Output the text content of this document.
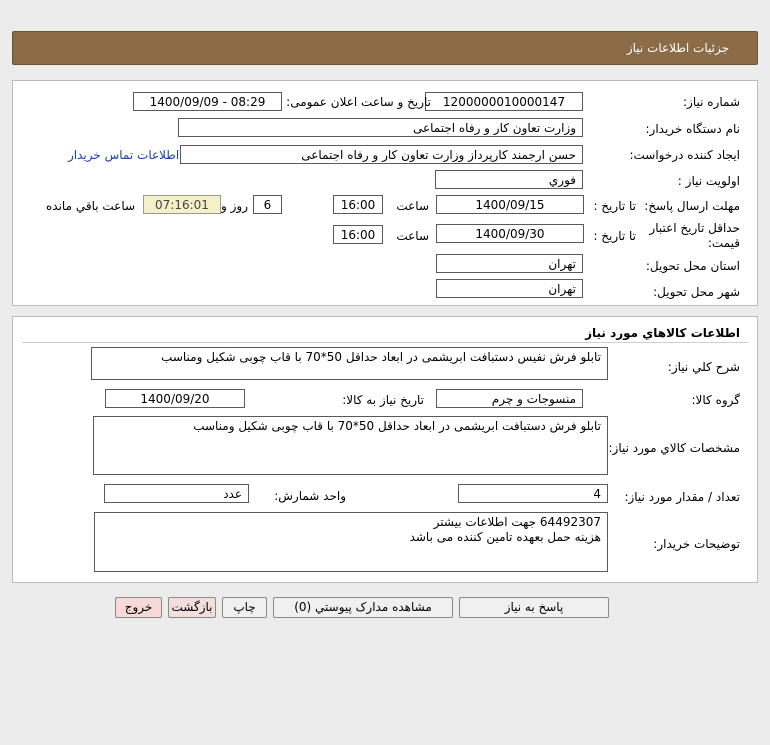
جزئیات اطلاعات نیاز
شماره نیاز:
1200000010000147
تاریخ و ساعت اعلان عمومی:
1400/09/09 - 08:29
نام دستگاه خریدار:
وزارت تعاون کار و رفاه اجتماعی
ایجاد کننده درخواست:
حسن ارجمند کارپرداز وزارت تعاون کار و رفاه اجتماعی
اطلاعات تماس خریدار
اولویت نیاز :
فوري
مهلت ارسال پاسخ:
تا تاریخ :
1400/09/15
ساعت
16:00
6
روز و
07:16:01
ساعت باقي مانده
حداقل تاریخ اعتبار
قیمت:
تا تاریخ :
1400/09/30
ساعت
16:00
استان محل تحویل:
تهران
شهر محل تحویل:
تهران
اطلاعات کالاهاي مورد نياز
شرح کلي نياز:
تابلو فرش نفیس دستبافت ابریشمی در ابعاد حداقل 50*70 با قاب چوبی شکیل ومناسب
گروه کالا:
منسوجات و چرم
تاريخ نياز به کالا:
1400/09/20
مشخصات کالاي مورد نياز:
تابلو فرش دستبافت ابریشمی در ابعاد حداقل 50*70 با قاب چوبی شکیل ومناسب
تعداد / مقدار مورد نياز:
4
واحد شمارش:
عدد
توضيحات خريدار:
64492307 جهت اطلاعات بیشتر
هزینه حمل بعهده تامین کننده می باشد
پاسخ به نياز
مشاهده مدارک پيوستي (0)
چاپ
بازگشت
خروج
